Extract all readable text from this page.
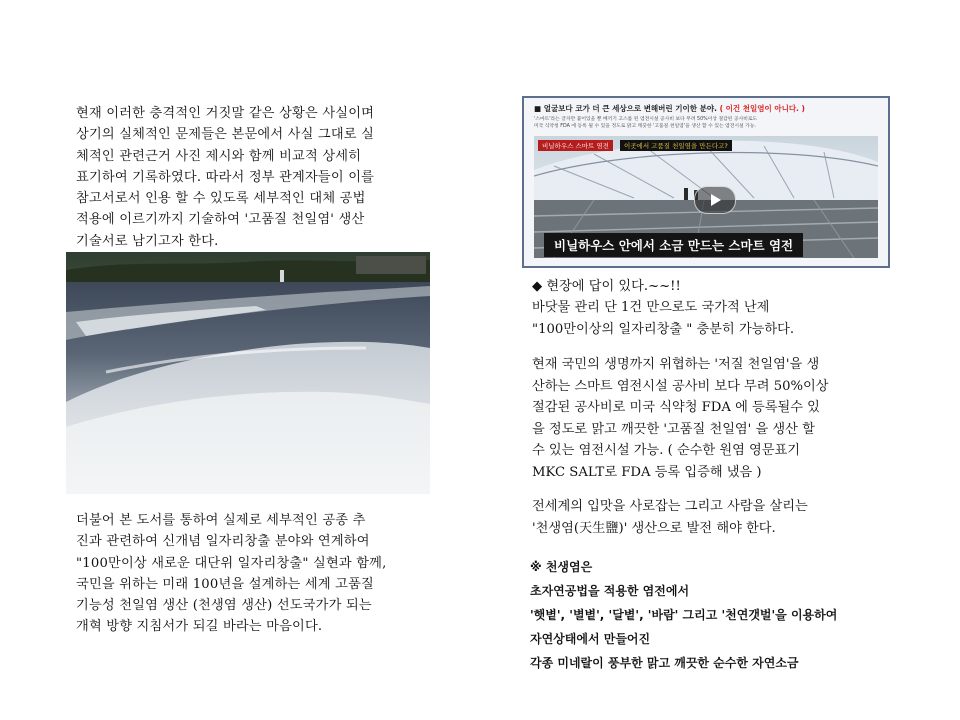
현재 이러한 충격적인 거짓말 같은 상황은 사실이며
상기의 실체적인 문제들은 본문에서 사실 그대로 실
체적인 관련근거 사진 제시와 함께 비교적 상세히
표기하여 기록하였다. 따라서 정부 관계자들이 이를
참고서로서 인용 할 수 있도록 세부적인 대체 공법
적용에 이르기까지 기술하여 '고품질 천일염' 생산
기술서로 남기고자 한다.
더불어 본 도서를 통하여 실제로 세부적인 공종 추
진과 관련하여 신개념 일자리창출 분야와 연계하여
"100만이상 새로운 대단위 일자리창출" 실현과 함께,
국민을 위하는 미래 100년을 설계하는 세계 고품질
기능성 천일염 생산 (천생염 생산) 선도국가가 되는
개혁 방향 지침서가 되길 바라는 마음이다.
■ 얼굴보다 코가 더 큰 세상으로 변해버린 기이한 분야. ( 이건 천일염이 아니다. )
'스마트'라는 글자만 붙어있을 뿐 베끼기 고스톱 된 염전시설 공사비 보다 무려 50%이상 절감된 공사비로도
미국 식약청 FDA 에 등록 될 수 있을 정도로 맑고 깨끗한 '고품질 천일염'을 생산 할 수 있는 염전시설 가능.
비닐하우스 스마트 염전	이곳에서 고품질 천일염을 만든다고?
비닐하우스 안에서 소금 만드는 스마트 염전
◆ 현장에 답이 있다.~~!!
바닷물 관리 단 1건 만으로도 국가적 난제
"100만이상의 일자리창출 " 충분히 가능하다.
현재 국민의 생명까지 위협하는 '저질 천일염'을 생
산하는 스마트 염전시설 공사비 보다 무려 50%이상
절감된 공사비로 미국 식약청 FDA 에 등록될수 있
을 정도로 맑고 깨끗한 '고품질 천일염' 을 생산 할
수 있는 염전시설 가능. ( 순수한 원염 영문표기
MKC SALT로 FDA 등록 입증해 냈음 )
전세계의 입맛을 사로잡는 그리고 사람을 살리는
'천생염(天生鹽)' 생산으로 발전 해야 한다.
※ 천생염은
초자연공법을 적용한 염전에서
'햇볕', '별볕', '달볕', '바람' 그리고 '천연갯벌'을 이용하여
자연상태에서 만들어진
각종 미네랄이 풍부한 맑고 깨끗한 순수한 자연소금
